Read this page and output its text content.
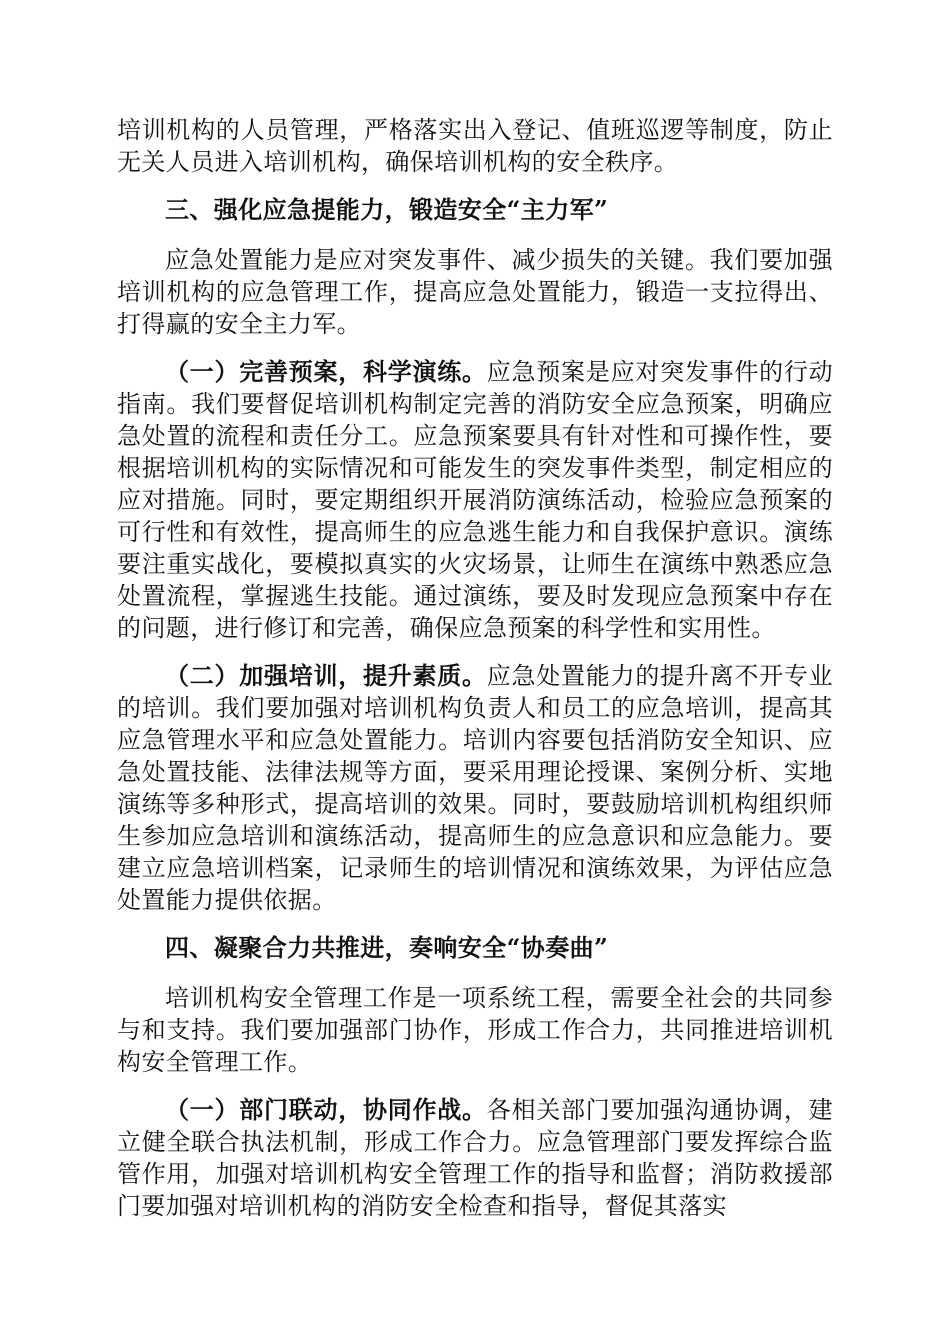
培训机构的人员管理，严格落实出入登记、值班巡逻等制度，防止无关人员进入培训机构，确保培训机构的安全秩序。

三、强化应急提能力，锻造安全“主力军”

应急处置能力是应对突发事件、减少损失的关键。我们要加强培训机构的应急管理工作，提高应急处置能力，锻造一支拉得出、打得赢的安全主力军。

（一）完善预案，科学演练。应急预案是应对突发事件的行动指南。我们要督促培训机构制定完善的消防安全应急预案，明确应急处置的流程和责任分工。应急预案要具有针对性和可操作性，要根据培训机构的实际情况和可能发生的突发事件类型，制定相应的应对措施。同时，要定期组织开展消防演练活动，检验应急预案的可行性和有效性，提高师生的应急逃生能力和自我保护意识。演练要注重实战化，要模拟真实的火灾场景，让师生在演练中熟悉应急处置流程，掌握逃生技能。通过演练，要及时发现应急预案中存在的问题，进行修订和完善，确保应急预案的科学性和实用性。

（二）加强培训，提升素质。应急处置能力的提升离不开专业的培训。我们要加强对培训机构负责人和员工的应急培训，提高其应急管理水平和应急处置能力。培训内容要包括消防安全知识、应急处置技能、法律法规等方面，要采用理论授课、案例分析、实地演练等多种形式，提高培训的效果。同时，要鼓励培训机构组织师生参加应急培训和演练活动，提高师生的应急意识和应急能力。要建立应急培训档案，记录师生的培训情况和演练效果，为评估应急处置能力提供依据。

四、凝聚合力共推进，奏响安全“协奏曲”

培训机构安全管理工作是一项系统工程，需要全社会的共同参与和支持。我们要加强部门协作，形成工作合力，共同推进培训机构安全管理工作。

（一）部门联动，协同作战。各相关部门要加强沟通协调，建立健全联合执法机制，形成工作合力。应急管理部门要发挥综合监管作用，加强对培训机构安全管理工作的指导和监督；消防救援部门要加强对培训机构的消防安全检查和指导，督促其落实
